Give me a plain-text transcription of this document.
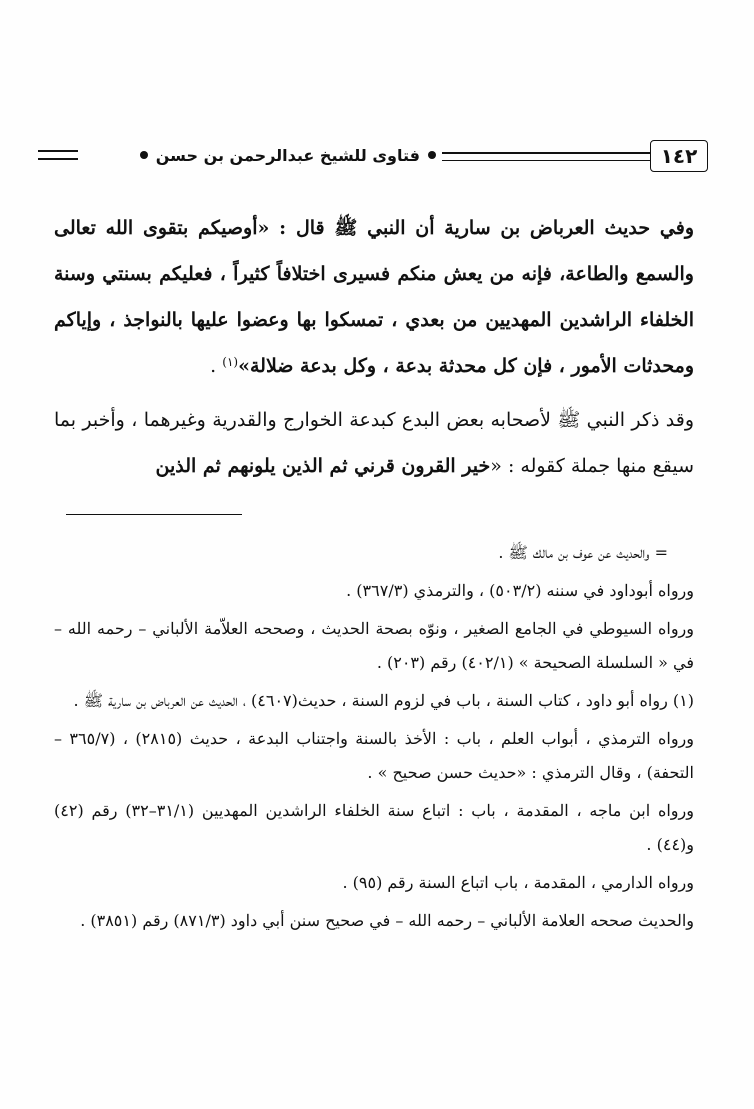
١٤٢
فتاوى للشيخ عبدالرحمن بن حسن

وفي حديث العرباض بن سارية أن النبي ﷺ قال : «أوصيكم بتقوى الله تعالى والسمع والطاعة، فإنه من يعش منكم فسيرى اختلافاً كثيراً ، فعليكم بسنتي وسنة الخلفاء الراشدين المهديين من بعدي ، تمسكوا بها وعضوا عليها بالنواجذ ، وإياكم ومحدثات الأمور ، فإن كل محدثة بدعة ، وكل بدعة ضلالة»$^{(١)}$ .

وقد ذكر النبي ﷺ لأصحابه بعض البدع كبدعة الخوارج والقدرية وغيرهما ، وأخبر بما سيقع منها جملة كقوله : «خير القرون قرني ثم الذين يلونهم ثم الذين

= والحديث عن عوف بن مالك ﷺ .

ورواه أبوداود في سننه (٥٠٣/٢) ، والترمذي (٣٦٧/٣) .

ورواه السيوطي في الجامع الصغير ، ونوّه بصحة الحديث ، وصححه العلاّمة الألباني – رحمه الله – في « السلسلة الصحيحة » (٤٠٢/١) رقم (٢٠٣) .

(١) رواه أبو داود ، كتاب السنة ، باب في لزوم السنة ، حديث(٤٦٠٧) ، الحديث عن العرباض بن سارية ﷺ .

ورواه الترمذي ، أبواب العلم ، باب : الأخذ بالسنة واجتناب البدعة ، حديث (٢٨١٥) ، (٣٦٥/٧ – التحفة) ، وقال الترمذي : «حديث حسن صحيح » .

ورواه ابن ماجه ، المقدمة ، باب : اتباع سنة الخلفاء الراشدين المهديين (٣١/١–٣٢) رقم (٤٢) و(٤٤) .

ورواه الدارمي ، المقدمة ، باب اتباع السنة رقم (٩٥) .

والحديث صححه العلامة الألباني – رحمه الله – في صحيح سنن أبي داود (٨٧١/٣) رقم (٣٨٥١) .
